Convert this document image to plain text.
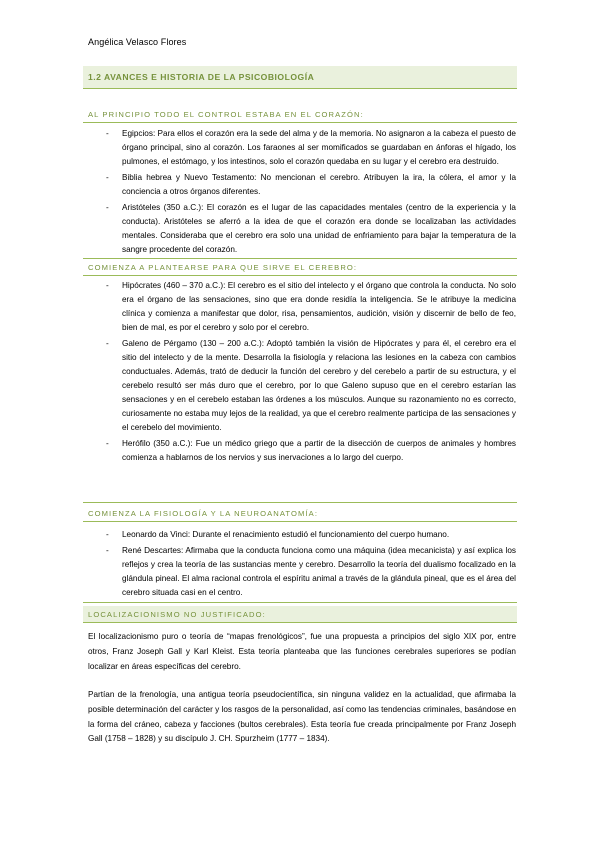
Angélica Velasco Flores
1.2 AVANCES E HISTORIA DE LA PSICOBIOLOGÍA
AL PRINCIPIO TODO EL CONTROL ESTABA EN EL CORAZÓN:
- Egipcios: Para ellos el corazón era la sede del alma y de la memoria. No asignaron a la cabeza el puesto de órgano principal, sino al corazón. Los faraones al ser momificados se guardaban en ánforas el hígado, los pulmones, el estómago, y los intestinos, solo el corazón quedaba en su lugar y el cerebro era destruido.
- Biblia hebrea y Nuevo Testamento: No mencionan el cerebro. Atribuyen la ira, la cólera, el amor y la conciencia a otros órganos diferentes.
- Aristóteles (350 a.C.): El corazón es el lugar de las capacidades mentales (centro de la experiencia y la conducta). Aristóteles se aferró a la idea de que el corazón era donde se localizaban las actividades mentales. Consideraba que el cerebro era solo una unidad de enfriamiento para bajar la temperatura de la sangre procedente del corazón.
COMIENZA A PLANTEARSE PARA QUE SIRVE EL CEREBRO:
- Hipócrates (460 – 370 a.C.): El cerebro es el sitio del intelecto y el órgano que controla la conducta. No solo era el órgano de las sensaciones, sino que era donde residía la inteligencia. Se le atribuye la medicina clínica y comienza a manifestar que dolor, risa, pensamientos, audición, visión y discernir de bello de feo, bien de mal, es por el cerebro y solo por el cerebro.
- Galeno de Pérgamo (130 – 200 a.C.): Adoptó también la visión de Hipócrates y para él, el cerebro era el sitio del intelecto y de la mente. Desarrolla la fisiología y relaciona las lesiones en la cabeza con cambios conductuales. Además, trató de deducir la función del cerebro y del cerebelo a partir de su estructura, y el cerebelo resultó ser más duro que el cerebro, por lo que Galeno supuso que en el cerebro estarían las sensaciones y en el cerebelo estaban las órdenes a los músculos. Aunque su razonamiento no es correcto, curiosamente no estaba muy lejos de la realidad, ya que el cerebro realmente participa de las sensaciones y el cerebelo del movimiento.
- Herófilo (350 a.C.): Fue un médico griego que a partir de la disección de cuerpos de animales y hombres comienza a hablarnos de los nervios y sus inervaciones a lo largo del cuerpo.
COMIENZA LA FISIOLOGÍA Y LA NEUROANATOMÍA:
- Leonardo da Vinci: Durante el renacimiento estudió el funcionamiento del cuerpo humano.
- René Descartes: Afirmaba que la conducta funciona como una máquina (idea mecanicista) y así explica los reflejos y crea la teoría de las sustancias mente y cerebro. Desarrollo la teoría del dualismo focalizado en la glándula pineal. El alma racional controla el espíritu animal a través de la glándula pineal, que es el área del cerebro situada casi en el centro.
LOCALIZACIONISMO NO JUSTIFICADO:

El localizacionismo puro o teoría de “mapas frenológicos”, fue una propuesta a principios del siglo XIX por, entre otros, Franz Joseph Gall y Karl Kleist. Esta teoría planteaba que las funciones cerebrales superiores se podían localizar en áreas específicas del cerebro.

Partían de la frenología, una antigua teoría pseudocientífica, sin ninguna validez en la actualidad, que afirmaba la posible determinación del carácter y los rasgos de la personalidad, así como las tendencias criminales, basándose en la forma del cráneo, cabeza y facciones (bultos cerebrales). Esta teoría fue creada principalmente por Franz Joseph Gall (1758 – 1828) y su discípulo J. CH. Spurzheim (1777 – 1834).
